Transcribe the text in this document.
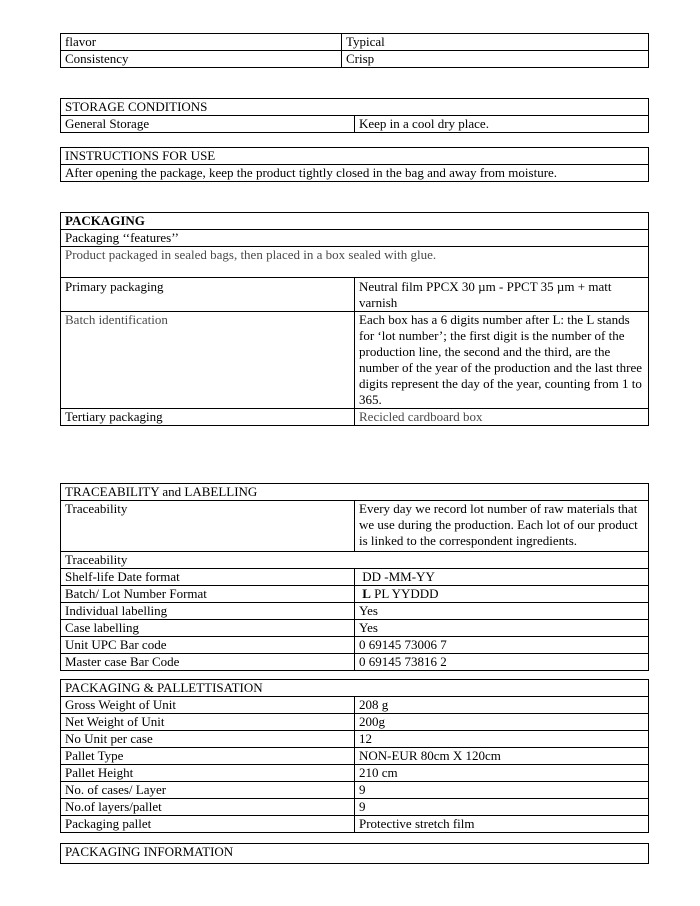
flavor	Typical
Consistency	Crisp
STORAGE CONDITIONS
General Storage	Keep in a cool dry place.
INSTRUCTIONS FOR USE
After opening the package, keep the product tightly closed in the bag and away from moisture.
PACKAGING	
Packaging ‘‘features’’	
Product packaged in sealed bags, then placed in a box sealed with glue.	
Primary packaging	Neutral film PPCX 30 µm - PPCT 35 µm + matt varnish
Batch identification	Each box has a 6 digits number after L: the L stands for ‘lot number’; the first digit is the number of the production line, the second and the third, are the number of the year of the production and the last three digits represent the day of the year, counting from 1 to 365.
Tertiary packaging	Recicled cardboard box
TRACEABILITY and LABELLING	
Traceability	Every day we record lot number of raw materials that we use during the production. Each lot of our product is linked to the correspondent ingredients.
Traceability	
Shelf-life Date format	DD -MM-YY
Batch/ Lot Number Format	L PL YYDDD
Individual labelling	Yes
Case labelling	Yes
Unit UPC Bar code	0 69145 73006 7
Master case Bar Code	0 69145 73816 2
PACKAGING & PALLETTISATION	
Gross Weight of Unit	208 g
Net Weight of Unit	200g
No Unit per case	12
Pallet Type	NON-EUR 80cm X 120cm
Pallet Height	210 cm
No. of cases/ Layer	9
No.of layers/pallet	9
Packaging pallet	Protective stretch film
PACKAGING INFORMATION
